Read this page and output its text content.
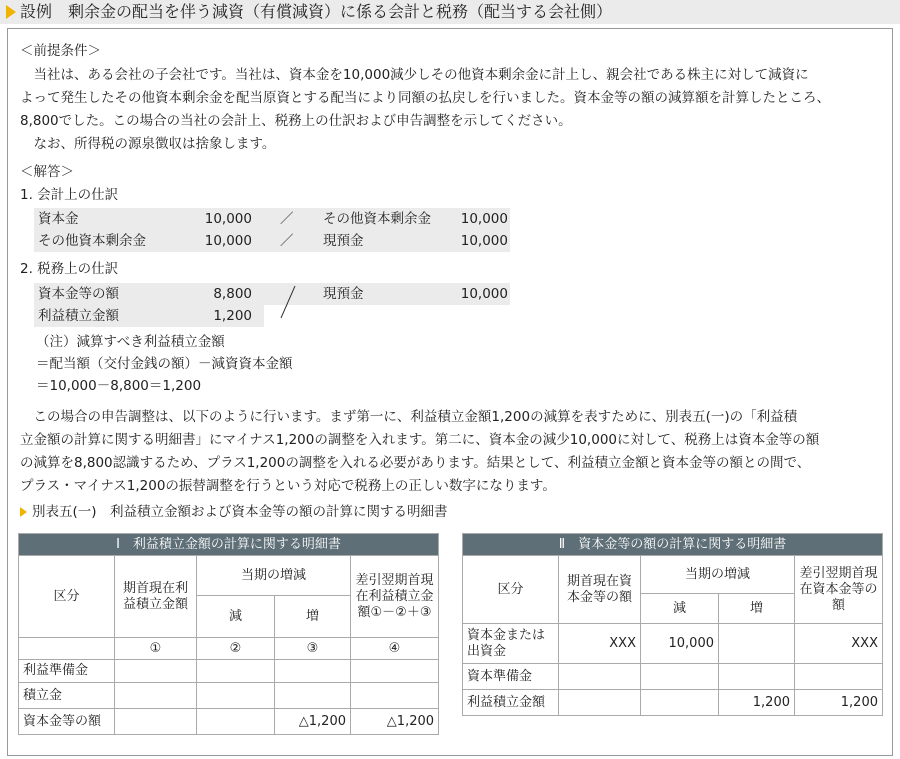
設例　剰余金の配当を伴う減資（有償減資）に係る会計と税務（配当する会社側）
＜前提条件＞
　当社は、ある会社の子会社です。当社は、資本金を10,000減少しその他資本剰余金に計上し、親会社である株主に対して減資に
よって発生したその他資本剰余金を配当原資とする配当により同額の払戻しを行いました。資本金等の額の減算額を計算したところ、
8,800でした。この場合の当社の会計上、税務上の仕訳および申告調整を示してください。
　なお、所得税の源泉徴収は捨象します。
＜解答＞
1. 会計上の仕訳
資本金	10,000 ／ その他資本剰余金	10,000
その他資本剰余金	10,000 ／ 現預金	10,000
2. 税務上の仕訳
資本金等の額	8,800	現預金	10,000
利益積立金額	1,200
（注）減算すべき利益積立金額
＝配当額（交付金銭の額）－減資資本金額
＝10,000－8,800＝1,200
　この場合の申告調整は、以下のように行います。まず第一に、利益積立金額1,200の減算を表すために、別表五(一)の「利益積
立金額の計算に関する明細書」にマイナス1,200の調整を入れます。第二に、資本金の減少10,000に対して、税務上は資本金等の額
の減算を8,800認識するため、プラス1,200の調整を入れる必要があります。結果として、利益積立金額と資本金等の額との間で、
プラス・マイナス1,200の振替調整を行うという対応で税務上の正しい数字になります。
別表五(一)　利益積立金額および資本金等の額の計算に関する明細書
Ⅰ　利益積立金額の計算に関する明細書				
区分	期首現在利益積立金額	当期の増減		差引翌期首現在利益積立金額①－②＋③
		減	増	
	①	②	③	④
利益準備金				
積立金				
資本金等の額			△1,200	△1,200
Ⅱ　資本金等の額の計算に関する明細書				
区分	期首現在資本金等の額	当期の増減		差引翌期首現在資本金等の額
		減	増	
資本金または出資金	XXX	10,000		XXX
資本準備金				
利益積立金額			1,200	1,200
